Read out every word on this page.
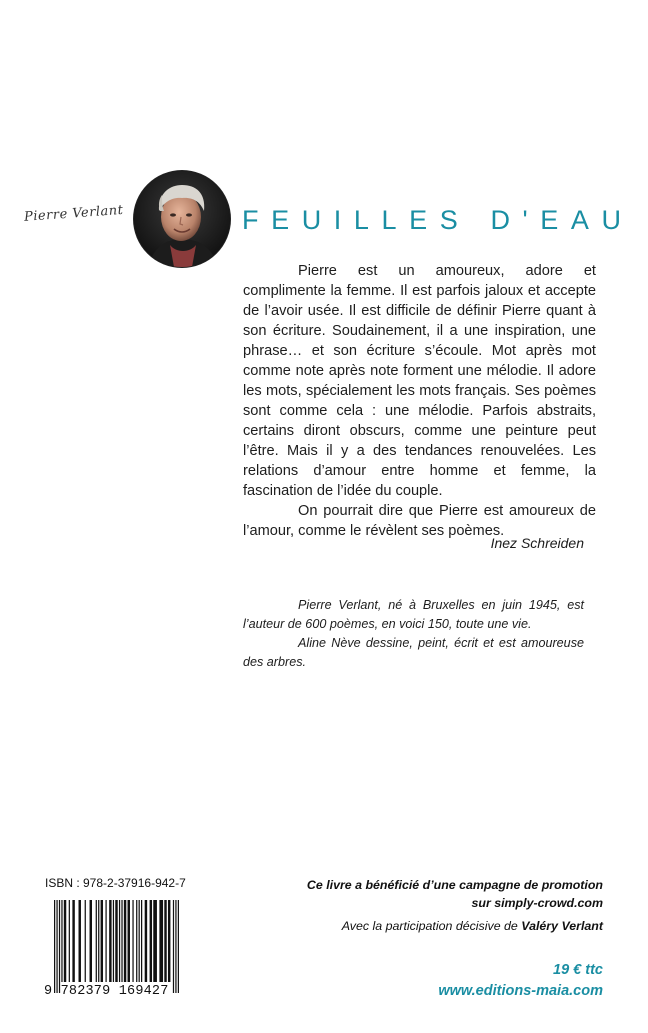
Pierre Verlant	FEUILLES D'EAU

Pierre est un amoureux, adore et complimente la femme. Il est parfois jaloux et accepte de l’avoir usée. Il est difficile de définir Pierre quant à son écriture. Soudainement, il a une inspiration, une phrase… et son écriture s’écoule. Mot après mot comme note après note forment une mélodie. Il adore les mots, spécialement les mots français. Ses poèmes sont comme cela : une mélodie. Parfois abstraits, certains diront obscurs, comme une peinture peut l’être. Mais il y a des tendances renouvelées. Les relations d’amour entre homme et femme, la fascination de l’idée du couple.

On pourrait dire que Pierre est amoureux de l’amour, comme le révèlent ses poèmes.

Inez Schreiden

Pierre Verlant, né à Bruxelles en juin 1945, est l’auteur de 600 poèmes, en voici 150, toute une vie.

Aline Nève dessine, peint, écrit et est amoureuse des arbres.

ISBN : 978-2-37916-942-7
9 782379 169427
Ce livre a bénéficié d’une campagne de promotion
sur simply-crowd.com
Avec la participation décisive de Valéry Verlant
19 € ttc
www.editions-maia.com
